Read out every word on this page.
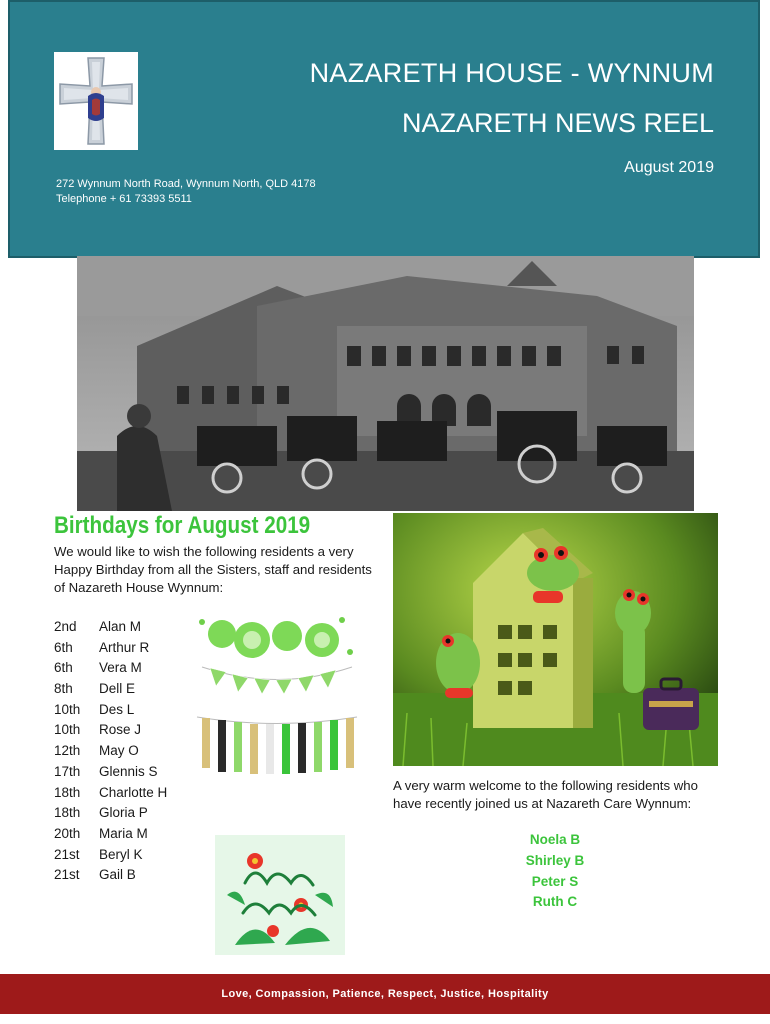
NAZARETH HOUSE - WYNNUM
NAZARETH NEWS REEL
August 2019
272 Wynnum North Road, Wynnum North, QLD 4178
Telephone + 61 73393 5511
Birthdays for August 2019
We would like to wish the following residents a very Happy Birthday from all the Sisters, staff and residents of Nazareth House Wynnum:
2nd Alan M
6th Arthur R
6th Vera M
8th Dell E
10th Des L
10th Rose J
12th May O
17th Glennis S
18th Charlotte H
18th Gloria P
20th Maria M
21st Beryl K
21st Gail B
A very warm welcome to the following residents who have recently joined us at Nazareth Care Wynnum:
Noela B
Shirley B
Peter S
Ruth C
Love, Compassion, Patience, Respect, Justice, Hospitality
